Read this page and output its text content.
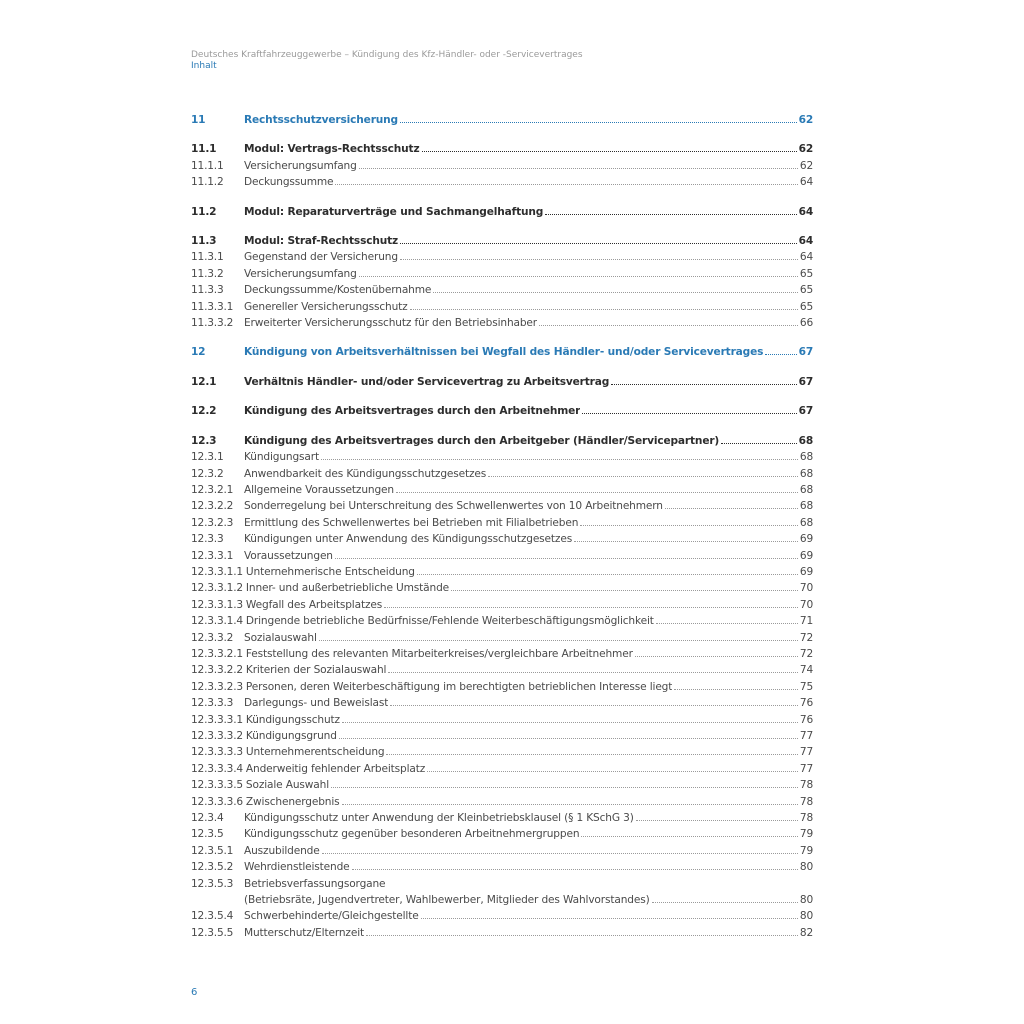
Deutsches Kraftfahrzeuggewerbe – Kündigung des Kfz-Händler- oder -Servicevertrages
Inhalt
11	Rechtsschutzversicherung	62
11.1	Modul: Vertrags-Rechtsschutz	62
11.1.1	Versicherungsumfang	62
11.1.2	Deckungssumme	64
11.2	Modul: Reparaturverträge und Sachmangelhaftung	64
11.3	Modul: Straf-Rechtsschutz	64
11.3.1	Gegenstand der Versicherung	64
11.3.2	Versicherungsumfang	65
11.3.3	Deckungssumme/Kostenübernahme	65
11.3.3.1	Genereller Versicherungsschutz	65
11.3.3.2	Erweiterter Versicherungsschutz für den Betriebsinhaber	66
12	Kündigung von Arbeitsverhältnissen bei Wegfall des Händler- und/oder Servicevertrages	67
12.1	Verhältnis Händler- und/oder Servicevertrag zu Arbeitsvertrag	67
12.2	Kündigung des Arbeitsvertrages durch den Arbeitnehmer	67
12.3	Kündigung des Arbeitsvertrages durch den Arbeitgeber (Händler/Servicepartner)	68
12.3.1	Kündigungsart	68
12.3.2	Anwendbarkeit des Kündigungsschutzgesetzes	68
12.3.2.1	Allgemeine Voraussetzungen	68
12.3.2.2	Sonderregelung bei Unterschreitung des Schwellenwertes von 10 Arbeitnehmern	68
12.3.2.3	Ermittlung des Schwellenwertes bei Betrieben mit Filialbetrieben	68
12.3.3	Kündigungen unter Anwendung des Kündigungsschutzgesetzes	69
12.3.3.1	Voraussetzungen	69
12.3.3.1.1 Unternehmerische Entscheidung	69
12.3.3.1.2 Inner- und außerbetriebliche Umstände	70
12.3.3.1.3 Wegfall des Arbeitsplatzes	70
12.3.3.1.4 Dringende betriebliche Bedürfnisse/Fehlende Weiterbeschäftigungsmöglichkeit	71
12.3.3.2	Sozialauswahl	72
12.3.3.2.1 Feststellung des relevanten Mitarbeiterkreises/vergleichbare Arbeitnehmer	72
12.3.3.2.2 Kriterien der Sozialauswahl	74
12.3.3.2.3 Personen, deren Weiterbeschäftigung im berechtigten betrieblichen Interesse liegt	75
12.3.3.3	Darlegungs- und Beweislast	76
12.3.3.3.1 Kündigungsschutz	76
12.3.3.3.2 Kündigungsgrund	77
12.3.3.3.3 Unternehmerentscheidung	77
12.3.3.3.4 Anderweitig fehlender Arbeitsplatz	77
12.3.3.3.5 Soziale Auswahl	78
12.3.3.3.6 Zwischenergebnis	78
12.3.4	Kündigungsschutz unter Anwendung der Kleinbetriebsklausel (§ 1 KSchG 3)	78
12.3.5	Kündigungsschutz gegenüber besonderen Arbeitnehmergruppen	79
12.3.5.1	Auszubildende	79
12.3.5.2	Wehrdienstleistende	80
12.3.5.3	Betriebsverfassungsorgane
(Betriebsräte, Jugendvertreter, Wahlbewerber, Mitglieder des Wahlvorstandes)	80
12.3.5.4	Schwerbehinderte/Gleichgestellte	80
12.3.5.5	Mutterschutz/Elternzeit	82
6
